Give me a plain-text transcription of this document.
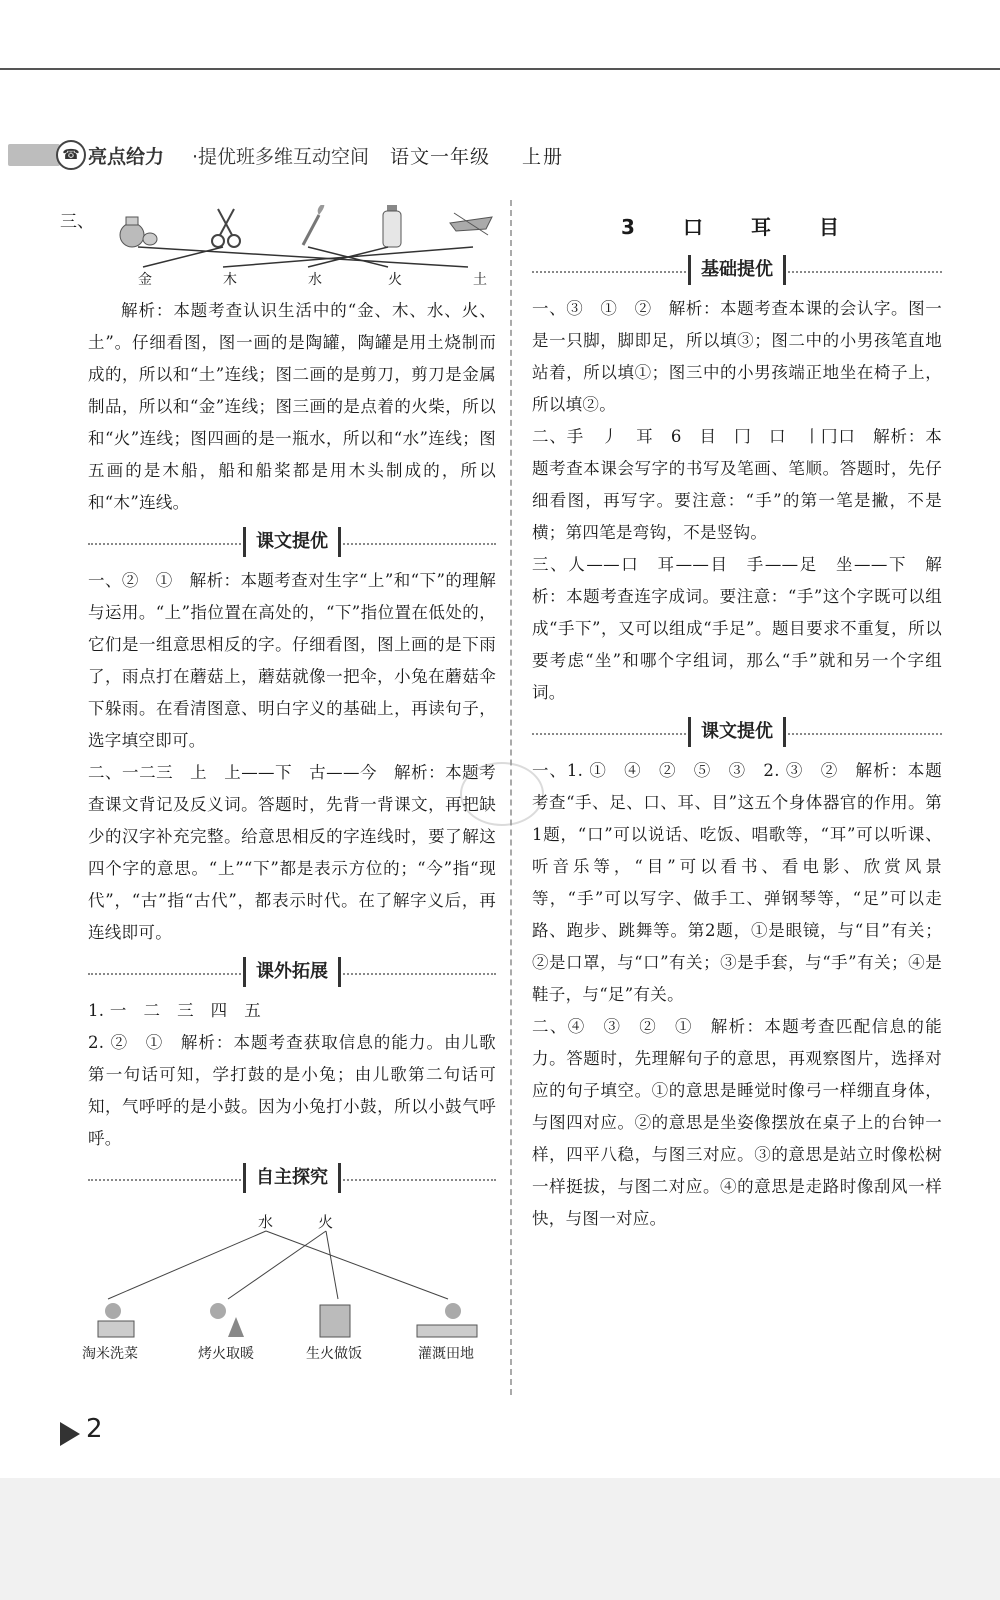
☎ 亮点给力 ·提优班多维互动空间 语文一年级 上册
三、
金	木	水	火	土

解析：本题考查认识生活中的“金、木、水、火、土”。仔细看图，图一画的是陶罐，陶罐是用土烧制而成的，所以和“土”连线；图二画的是剪刀，剪刀是金属制品，所以和“金”连线；图三画的是点着的火柴，所以和“火”连线；图四画的是一瓶水，所以和“水”连线；图五画的是木船，船和船桨都是用木头制成的，所以和“木”连线。

课文提优

一、②　①　解析：本题考查对生字“上”和“下”的理解与运用。“上”指位置在高处的，“下”指位置在低处的，它们是一组意思相反的字。仔细看图，图上画的是下雨了，雨点打在蘑菇上，蘑菇就像一把伞，小兔在蘑菇伞下躲雨。在看清图意、明白字义的基础上，再读句子，选字填空即可。

二、一二三　上　上——下　古——今　解析：本题考查课文背记及反义词。答题时，先背一背课文，再把缺少的汉字补充完整。给意思相反的字连线时，要了解这四个字的意思。“上”“下”都是表示方位的；“今”指“现代”，“古”指“古代”，都表示时代。在了解字义后，再连线即可。

课外拓展

1. 一　二　三　四　五

2. ②　①　解析：本题考查获取信息的能力。由儿歌第一句话可知，学打鼓的是小兔；由儿歌第二句话可知，气呼呼的是小鼓。因为小兔打小鼓，所以小鼓气呼呼。

自主探究
水	火
淘米洗菜	烤火取暖	生火做饭	灌溉田地
3　口　耳　目
基础提优

一、③　①　②　解析：本题考查本课的会认字。图一是一只脚，脚即足，所以填③；图二中的小男孩笔直地站着，所以填①；图三中的小男孩端正地坐在椅子上，所以填②。

二、手　丿　耳　6　目　冂　口　丨冂口　解析：本题考查本课会写字的书写及笔画、笔顺。答题时，先仔细看图，再写字。要注意：“手”的第一笔是撇，不是横；第四笔是弯钩，不是竖钩。

三、人——口　耳——目　手——足　坐——下　解析：本题考查连字成词。要注意：“手”这个字既可以组成“手下”，又可以组成“手足”。题目要求不重复，所以要考虑“坐”和哪个字组词，那么“手”就和另一个字组词。

课文提优

一、1. ①　④　②　⑤　③　2. ③　②　解析：本题考查“手、足、口、耳、目”这五个身体器官的作用。第1题，“口”可以说话、吃饭、唱歌等，“耳”可以听课、听音乐等，“目”可以看书、看电影、欣赏风景等，“手”可以写字、做手工、弹钢琴等，“足”可以走路、跑步、跳舞等。第2题，①是眼镜，与“目”有关；②是口罩，与“口”有关；③是手套，与“手”有关；④是鞋子，与“足”有关。

二、④　③　②　①　解析：本题考查匹配信息的能力。答题时，先理解句子的意思，再观察图片，选择对应的句子填空。①的意思是睡觉时像弓一样绷直身体，与图四对应。②的意思是坐姿像摆放在桌子上的台钟一样，四平八稳，与图三对应。③的意思是站立时像松树一样挺拔，与图二对应。④的意思是走路时像刮风一样快，与图一对应。

2
